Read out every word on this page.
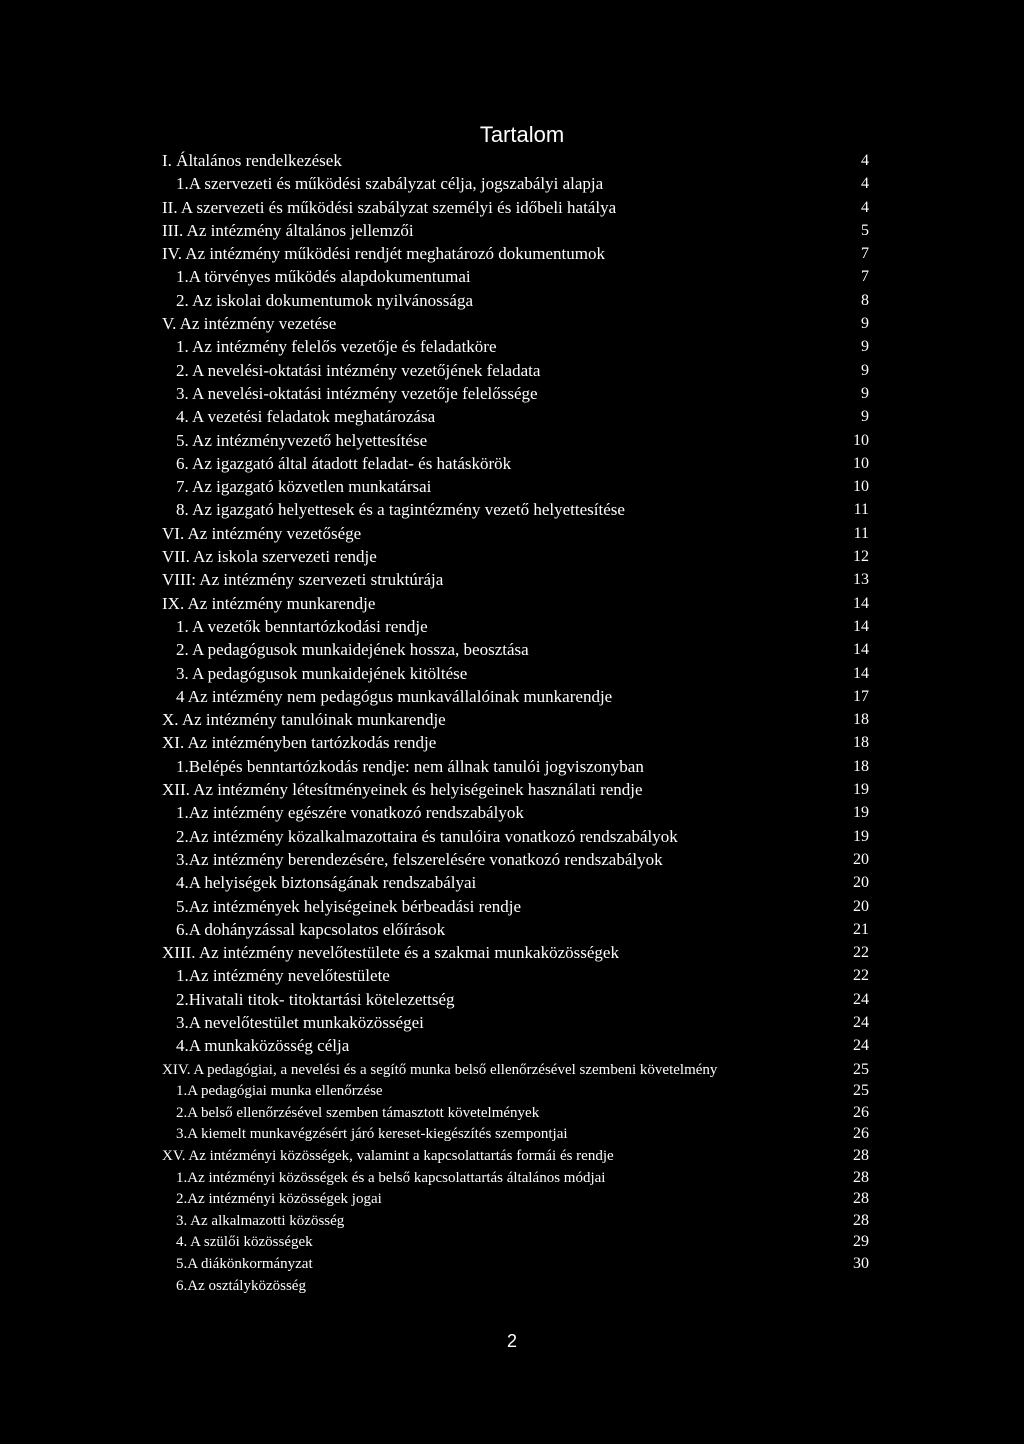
Tartalom
I. Általános rendelkezések	4
1.A szervezeti és működési szabályzat célja, jogszabályi alapja	4
II. A szervezeti és működési szabályzat személyi és időbeli hatálya	4
III. Az intézmény általános jellemzői	5
IV. Az intézmény működési rendjét meghatározó dokumentumok	7
1.A törvényes működés alapdokumentumai	7
2. Az iskolai dokumentumok nyilvánossága	8
V. Az intézmény vezetése	9
1. Az intézmény felelős vezetője és feladatköre	9
2. A nevelési-oktatási intézmény vezetőjének feladata	9
3. A nevelési-oktatási intézmény vezetője felelőssége	9
4. A vezetési feladatok meghatározása	9
5. Az intézményvezető helyettesítése	10
6. Az igazgató által átadott feladat- és hatáskörök	10
7. Az igazgató közvetlen munkatársai	10
8. Az igazgató helyettesek és a tagintézmény vezető helyettesítése	11
VI. Az intézmény vezetősége	11
VII. Az iskola szervezeti rendje	12
VIII: Az intézmény szervezeti struktúrája	13
IX. Az intézmény munkarendje	14
1. A vezetők benntartózkodási rendje	14
2. A pedagógusok munkaidejének hossza, beosztása	14
3. A pedagógusok munkaidejének kitöltése	14
4 Az intézmény nem pedagógus munkavállalóinak munkarendje	17
X. Az intézmény tanulóinak munkarendje	18
XI. Az intézményben tartózkodás rendje	18
1.Belépés benntartózkodás rendje: nem állnak tanulói jogviszonyban	18
XII. Az intézmény létesítményeinek és helyiségeinek használati rendje	19
1.Az intézmény egészére vonatkozó rendszabályok	19
2.Az intézmény közalkalmazottaira és tanulóira vonatkozó rendszabályok	19
3.Az intézmény berendezésére, felszerelésére vonatkozó rendszabályok	20
4.A helyiségek biztonságának rendszabályai	20
5.Az intézmények helyiségeinek bérbeadási rendje	20
6.A dohányzással kapcsolatos előírások	21
XIII. Az intézmény nevelőtestülete és a szakmai munkaközösségek	22
1.Az intézmény nevelőtestülete	22
2.Hivatali titok- titoktartási kötelezettség	24
3.A nevelőtestület munkaközösségei	24
4.A munkaközösség célja	24
XIV. A pedagógiai, a nevelési és a segítő munka belső ellenőrzésével szembeni követelmény	25
1.A pedagógiai munka ellenőrzése	25
2.A belső ellenőrzésével szemben támasztott követelmények	26
3.A kiemelt munkavégzésért járó kereset-kiegészítés szempontjai	26
XV. Az intézményi közösségek, valamint a kapcsolattartás formái és rendje	28
1.Az intézményi közösségek és a belső kapcsolattartás általános módjai	28
2.Az intézményi közösségek jogai	28
3. Az alkalmazotti közösség	28
4. A szülői közösségek	29
5.A diákönkormányzat	30
6.Az osztályközösség
2
